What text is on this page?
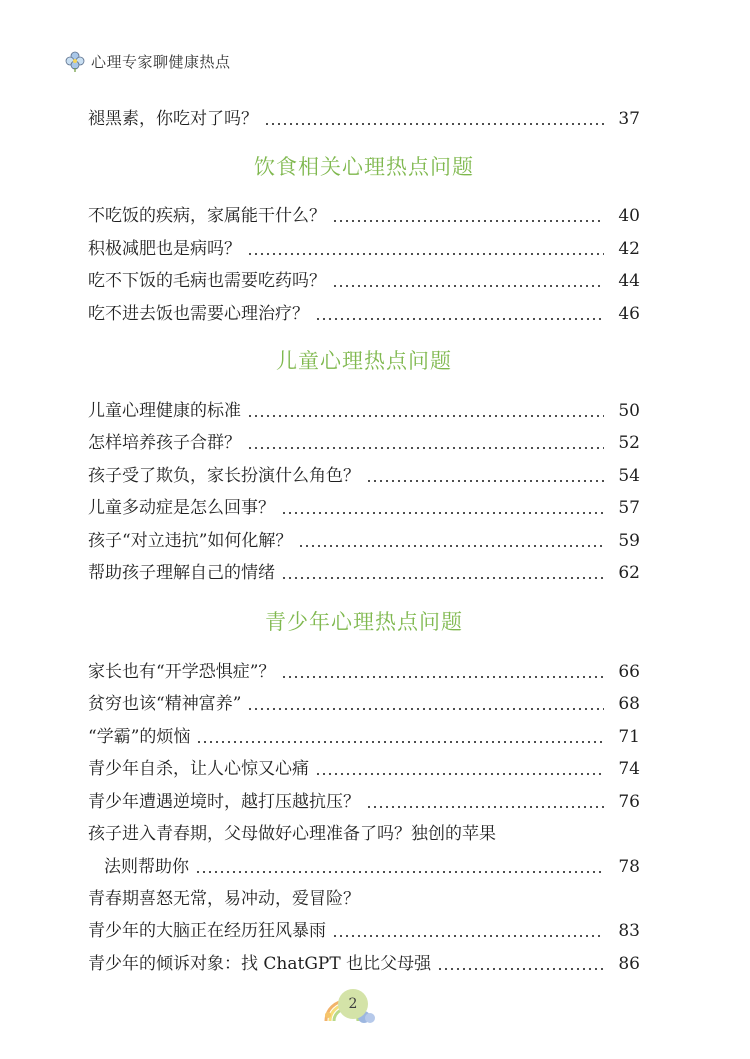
心理专家聊健康热点
褪黑素，你吃对了吗？	37
饮食相关心理热点问题
不吃饭的疾病，家属能干什么？	40
积极减肥也是病吗？	42
吃不下饭的毛病也需要吃药吗？	44
吃不进去饭也需要心理治疗？	46
儿童心理热点问题
儿童心理健康的标准	50
怎样培养孩子合群？	52
孩子受了欺负，家长扮演什么角色？	54
儿童多动症是怎么回事？	57
孩子“对立违抗”如何化解？	59
帮助孩子理解自己的情绪	62
青少年心理热点问题
家长也有“开学恐惧症”？	66
贫穷也该“精神富养”	68
“学霸”的烦恼	71
青少年自杀，让人心惊又心痛	74
青少年遭遇逆境时，越打压越抗压？	76
孩子进入青春期，父母做好心理准备了吗？独创的苹果
法则帮助你	78
青春期喜怒无常，易冲动，爱冒险？
青少年的大脑正在经历狂风暴雨	83
青少年的倾诉对象：找 ChatGPT 也比父母强	86
2
